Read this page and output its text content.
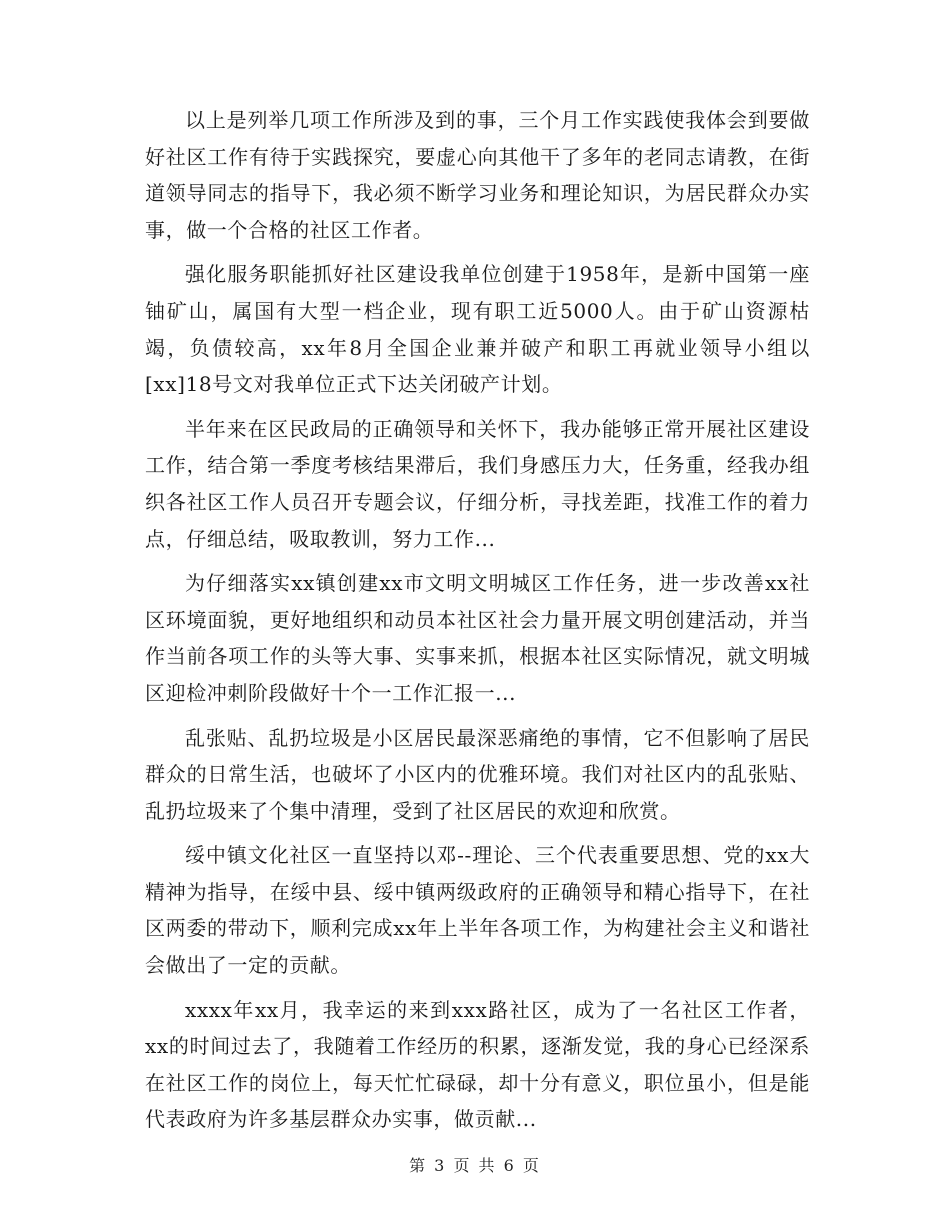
以上是列举几项工作所涉及到的事，三个月工作实践使我体会到要做好社区工作有待于实践探究，要虚心向其他干了多年的老同志请教，在街道领导同志的指导下，我必须不断学习业务和理论知识，为居民群众办实事，做一个合格的社区工作者。

强化服务职能抓好社区建设我单位创建于1958年，是新中国第一座铀矿山，属国有大型一档企业，现有职工近5000人。由于矿山资源枯竭，负债较高，xx年8月全国企业兼并破产和职工再就业领导小组以[xx]18号文对我单位正式下达关闭破产计划。

半年来在区民政局的正确领导和关怀下，我办能够正常开展社区建设工作，结合第一季度考核结果滞后，我们身感压力大，任务重，经我办组织各社区工作人员召开专题会议，仔细分析，寻找差距，找准工作的着力点，仔细总结，吸取教训，努力工作...

为仔细落实xx镇创建xx市文明文明城区工作任务，进一步改善xx社区环境面貌，更好地组织和动员本社区社会力量开展文明创建活动，并当作当前各项工作的头等大事、实事来抓，根据本社区实际情况，就文明城区迎检冲刺阶段做好十个一工作汇报一...

乱张贴、乱扔垃圾是小区居民最深恶痛绝的事情，它不但影响了居民群众的日常生活，也破坏了小区内的优雅环境。我们对社区内的乱张贴、乱扔垃圾来了个集中清理，受到了社区居民的欢迎和欣赏。

绥中镇文化社区一直坚持以邓--理论、三个代表重要思想、党的xx大精神为指导，在绥中县、绥中镇两级政府的正确领导和精心指导下，在社区两委的带动下，顺利完成xx年上半年各项工作，为构建社会主义和谐社会做出了一定的贡献。

xxxx年xx月，我幸运的来到xxx路社区，成为了一名社区工作者，xx的时间过去了，我随着工作经历的积累，逐渐发觉，我的身心已经深系在社区工作的岗位上，每天忙忙碌碌，却十分有意义，职位虽小，但是能代表政府为许多基层群众办实事，做贡献...

第 3 页 共 6 页
